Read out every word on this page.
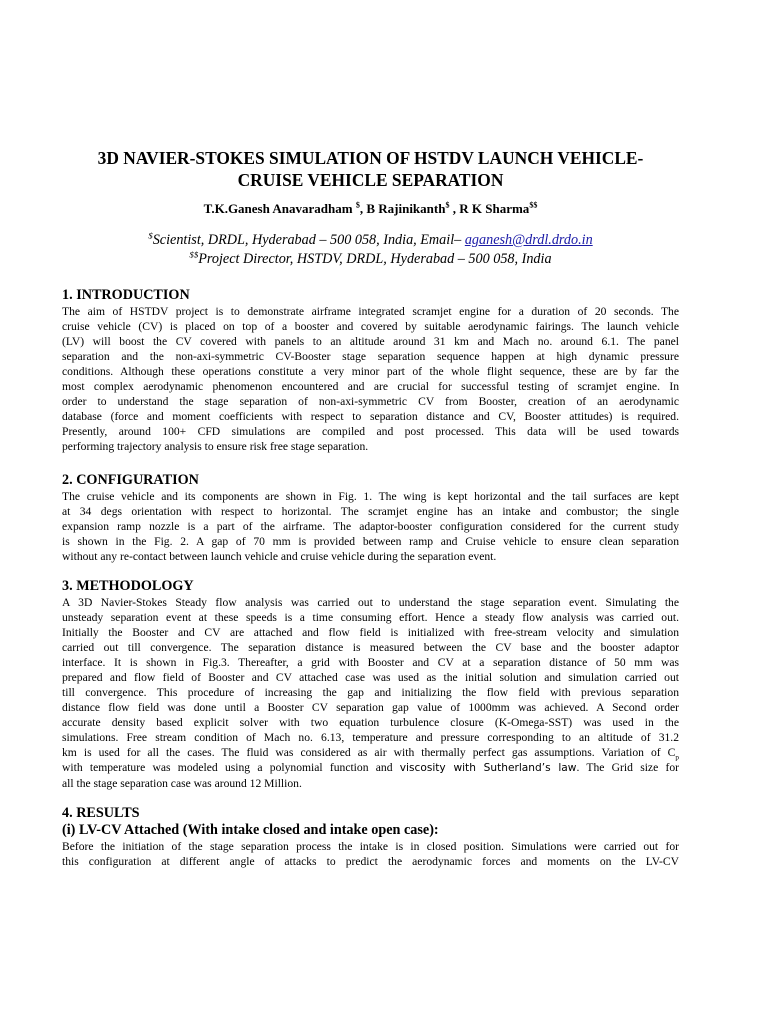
3D NAVIER-STOKES SIMULATION OF HSTDV LAUNCH VEHICLE-
CRUISE VEHICLE SEPARATION
T.K.Ganesh Anavaradham $, B Rajinikanth$ , R K Sharma$$
$Scientist, DRDL, Hyderabad – 500 058, India, Email– aganesh@drdl.drdo.in
$$Project Director, HSTDV, DRDL, Hyderabad – 500 058, India
1. INTRODUCTION
The aim of HSTDV project is to demonstrate airframe integrated scramjet engine for a duration of 20 seconds. The
cruise vehicle (CV) is placed on top of a booster and covered by suitable aerodynamic fairings. The launch vehicle
(LV) will boost the CV covered with panels to an altitude around 31 km and Mach no. around 6.1. The panel
separation and the non-axi-symmetric CV-Booster stage separation sequence happen at high dynamic pressure
conditions. Although these operations constitute a very minor part of the whole flight sequence, these are by far the
most complex aerodynamic phenomenon encountered and are crucial for successful testing of scramjet engine. In
order to understand the stage separation of non-axi-symmetric CV from Booster, creation of an aerodynamic
database (force and moment coefficients with respect to separation distance and CV, Booster attitudes) is required.
Presently, around 100+ CFD simulations are compiled and post processed. This data will be used towards
performing trajectory analysis to ensure risk free stage separation.
2. CONFIGURATION
The cruise vehicle and its components are shown in Fig. 1. The wing is kept horizontal and the tail surfaces are kept
at 34 degs orientation with respect to horizontal. The scramjet engine has an intake and combustor; the single
expansion ramp nozzle is a part of the airframe. The adaptor-booster configuration considered for the current study
is shown in the Fig. 2. A gap of 70 mm is provided between ramp and Cruise vehicle to ensure clean separation
without any re-contact between launch vehicle and cruise vehicle during the separation event.
3. METHODOLOGY
A 3D Navier-Stokes Steady flow analysis was carried out to understand the stage separation event. Simulating the
unsteady separation event at these speeds is a time consuming effort. Hence a steady flow analysis was carried out.
Initially the Booster and CV are attached and flow field is initialized with free-stream velocity and simulation
carried out till convergence. The separation distance is measured between the CV base and the booster adaptor
interface. It is shown in Fig.3. Thereafter, a grid with Booster and CV at a separation distance of 50 mm was
prepared and flow field of Booster and CV attached case was used as the initial solution and simulation carried out
till convergence. This procedure of increasing the gap and initializing the flow field with previous separation
distance flow field was done until a Booster CV separation gap value of 1000mm was achieved. A Second order
accurate density based explicit solver with two equation turbulence closure (K-Omega-SST) was used in the
simulations. Free stream condition of Mach no. 6.13, temperature and pressure corresponding to an altitude of 31.2
km is used for all the cases. The fluid was considered as air with thermally perfect gas assumptions. Variation of $C_p$
with temperature was modeled using a polynomial function and viscosity with Sutherland’s law. The Grid size for
all the stage separation case was around 12 Million.
4. RESULTS
(i) LV-CV Attached (With intake closed and intake open case):
Before the initiation of the stage separation process the intake is in closed position. Simulations were carried out for
this configuration at different angle of attacks to predict the aerodynamic forces and moments on the LV-CV
